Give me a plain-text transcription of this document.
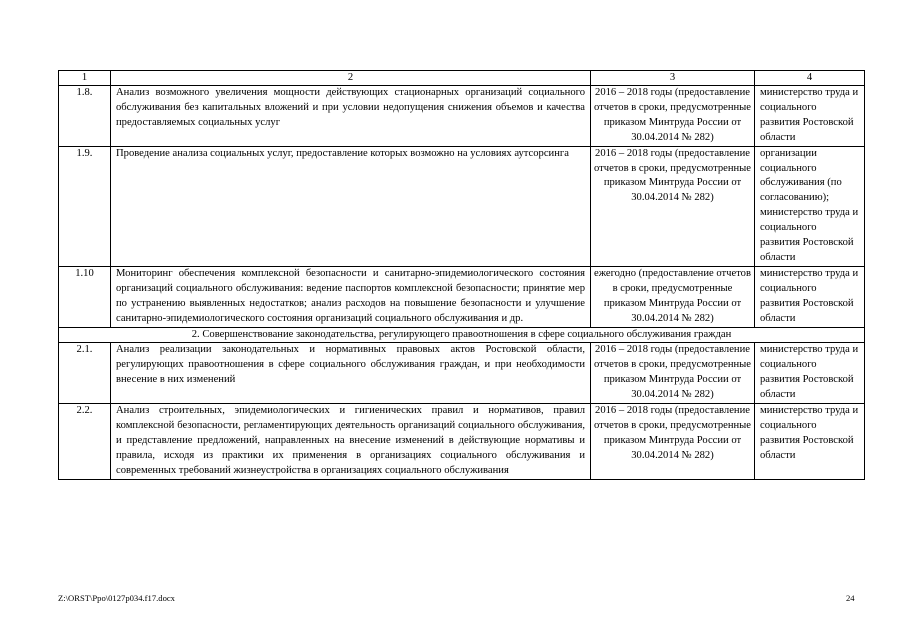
1	2	3	4
1.8.	Анализ возможного увеличения мощности действующих стационарных организаций социального обслуживания без капитальных вложений и при условии недопущения снижения объемов и качества предоставляемых социальных услуг	2016 – 2018 годы (предоставление отчетов в сроки, предусмотренные приказом Минтруда России от 30.04.2014 № 282)	министерство труда и социального развития Ростовской области
1.9.	Проведение анализа социальных услуг, предоставление которых возможно на условиях аутсорсинга	2016 – 2018 годы (предоставление отчетов в сроки, предусмотренные приказом Минтруда России от 30.04.2014 № 282)	организации социального обслуживания (по согласованию); министерство труда и социального развития Ростовской области
1.10	Мониторинг обеспечения комплексной безопасности и санитарно-эпидемиологического состояния организаций социального обслуживания: ведение паспортов комплексной безопасности; принятие мер по устранению выявленных недостатков; анализ расходов на повышение безопасности и улучшение санитарно-эпидемиологического состояния организаций социального обслуживания и др.	ежегодно (предоставление отчетов в сроки, предусмотренные приказом Минтруда России от 30.04.2014 № 282)	министерство труда и социального развития Ростовской области
2. Совершенствование законодательства, регулирующего правоотношения в сфере социального обслуживания граждан			
2.1.	Анализ реализации законодательных и нормативных правовых актов Ростовской области, регулирующих правоотношения в сфере социального обслуживания граждан, и при необходимости внесение в них изменений	2016 – 2018 годы (предоставление отчетов в сроки, предусмотренные приказом Минтруда России от 30.04.2014 № 282)	министерство труда и социального развития Ростовской области
2.2.	Анализ строительных, эпидемиологических и гигиенических правил и нормативов, правил комплексной безопасности, регламентирующих деятельность организаций социального обслуживания, и представление предложений, направленных на внесение изменений в действующие нормативы и правила, исходя из практики их применения в организациях социального обслуживания и современных требований жизнеустройства в организациях социального обслуживания	2016 – 2018 годы (предоставление отчетов в сроки, предусмотренные приказом Минтруда России от 30.04.2014 № 282)	министерство труда и социального развития Ростовской области
Z:\ORST\Ppo\0127p034.f17.docx	24
